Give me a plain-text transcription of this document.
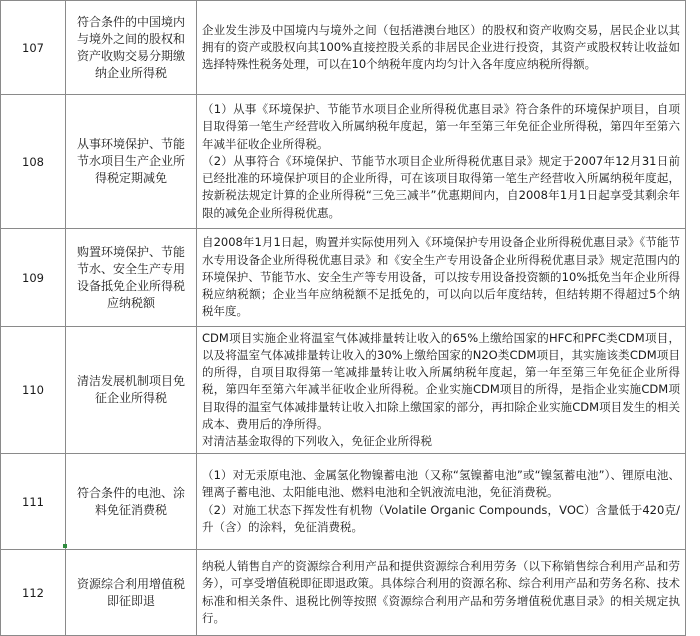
107	符合条件的中国境内与境外之间的股权和资产收购交易分期缴纳企业所得税	企业发生涉及中国境内与境外之间（包括港澳台地区）的股权和资产收购交易，居民企业以其拥有的资产或股权向其100%直接控股关系的非居民企业进行投资，其资产或股权转让收益如选择特殊性税务处理，可以在10个纳税年度内均匀计入各年度应纳税所得额。

108	从事环境保护、节能节水项目生产企业所得税定期减免	（1）从事《环境保护、节能节水项目企业所得税优惠目录》符合条件的环境保护项目，自项目取得第一笔生产经营收入所属纳税年度起，第一年至第三年免征企业所得税，第四年至第六年减半征收企业所得税。
（2）从事符合《环境保护、节能节水项目企业所得税优惠目录》规定于2007年12月31日前已经批准的环境保护项目的企业所得，可在该项目取得第一笔生产经营收入所属纳税年度起，按新税法规定计算的企业所得税“三免三减半”优惠期间内，自2008年1月1日起享受其剩余年限的减免企业所得税优惠。

109	购置环境保护、节能节水、安全生产专用设备抵免企业所得税应纳税额	自2008年1月1日起，购置并实际使用列入《环境保护专用设备企业所得税优惠目录》《节能节水专用设备企业所得税优惠目录》和《安全生产专用设备企业所得税优惠目录》规定范围内的环境保护、节能节水、安全生产等专用设备，可以按专用设备投资额的10%抵免当年企业所得税应纳税额；企业当年应纳税额不足抵免的，可以向以后年度结转，但结转期不得超过5个纳税年度。

110	清洁发展机制项目免征企业所得税	CDM项目实施企业将温室气体减排量转让收入的65%上缴给国家的HFC和PFC类CDM项目，以及将温室气体减排量转让收入的30%上缴给国家的N2O类CDM项目，其实施该类CDM项目的所得，自项目取得第一笔减排量转让收入所属纳税年度起，第一年至第三年免征企业所得税，第四年至第六年减半征收企业所得税。企业实施CDM项目的所得，是指企业实施CDM项目取得的温室气体减排量转让收入扣除上缴国家的部分，再扣除企业实施CDM项目发生的相关成本、费用后的净所得。
对清洁基金取得的下列收入，免征企业所得税

111	符合条件的电池、涂料免征消费税	（1）对无汞原电池、金属氢化物镍蓄电池（又称“氢镍蓄电池”或“镍氢蓄电池”）、锂原电池、锂离子蓄电池、太阳能电池、燃料电池和全钒液流电池，免征消费税。
（2）对施工状态下挥发性有机物（Volatile Organic Compounds，VOC）含量低于420克/升（含）的涂料，免征消费税。

112	资源综合利用增值税即征即退	纳税人销售自产的资源综合利用产品和提供资源综合利用劳务（以下称销售综合利用产品和劳务），可享受增值税即征即退政策。具体综合利用的资源名称、综合利用产品和劳务名称、技术标准和相关条件、退税比例等按照《资源综合利用产品和劳务增值税优惠目录》的相关规定执行。
